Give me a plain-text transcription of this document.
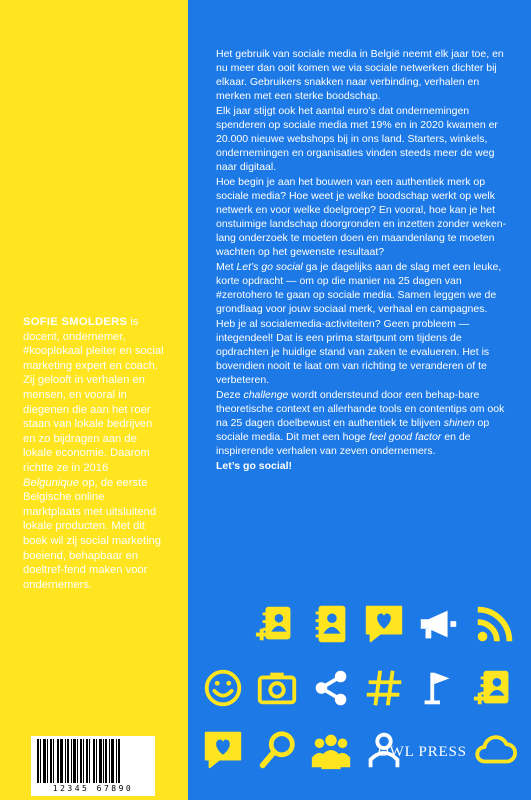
SOFIE SMOLDERS is docent, ondernemer, #kooplokaal pleiter en social marketing expert en coach. Zij gelooft in verhalen en mensen, en vooral in diegenen die aan het roer staan van lokale bedrijven en zo bijdragen aan de lokale economie. Daarom richtte ze in 2016 Belgunique op, de eerste Belgische online marktplaats met uitsluitend lokale producten. Met dit boek wil zij social marketing boeiend, behapbaar en doeltref-fend maken voor ondernemers.

12345 67890

Het gebruik van sociale media in België neemt elk jaar toe, en nu meer dan ooit komen we via sociale netwerken dichter bij elkaar. Gebruikers snakken naar verbinding, verhalen en merken met een sterke boodschap.

Elk jaar stijgt ook het aantal euro’s dat ondernemingen spenderen op sociale media met 19% en in 2020 kwamen er 20.000 nieuwe webshops bij in ons land. Starters, winkels, ondernemingen en organisaties vinden steeds meer de weg naar digitaal.

Hoe begin je aan het bouwen van een authentiek merk op sociale media? Hoe weet je welke boodschap werkt op welk netwerk en voor welke doelgroep? En vooral, hoe kan je het onstuimige landschap doorgronden en inzetten zonder weken-lang onderzoek te moeten doen en maandenlang te moeten wachten op het gewenste resultaat?

Met Let’s go social ga je dagelijks aan de slag met een leuke, korte opdracht — om op die manier na 25 dagen van #zerotohero te gaan op sociale media. Samen leggen we de grondlaag voor jouw sociaal merk, verhaal en campagnes.

Heb je al socialemedia-activiteiten? Geen probleem — integendeel! Dat is een prima startpunt om tijdens de opdrachten je huidige stand van zaken te evalueren. Het is bovendien nooit te laat om van richting te veranderen of te verbeteren.

Deze challenge wordt ondersteund door een behap-bare theoretische context en allerhande tools en contentips om ook na 25 dagen doelbewust en authentiek te blijven shinen op sociale media. Dit met een hoge feel good factor en de inspirerende verhalen van zeven ondernemers.

Let’s go social!

OWL PRESS
